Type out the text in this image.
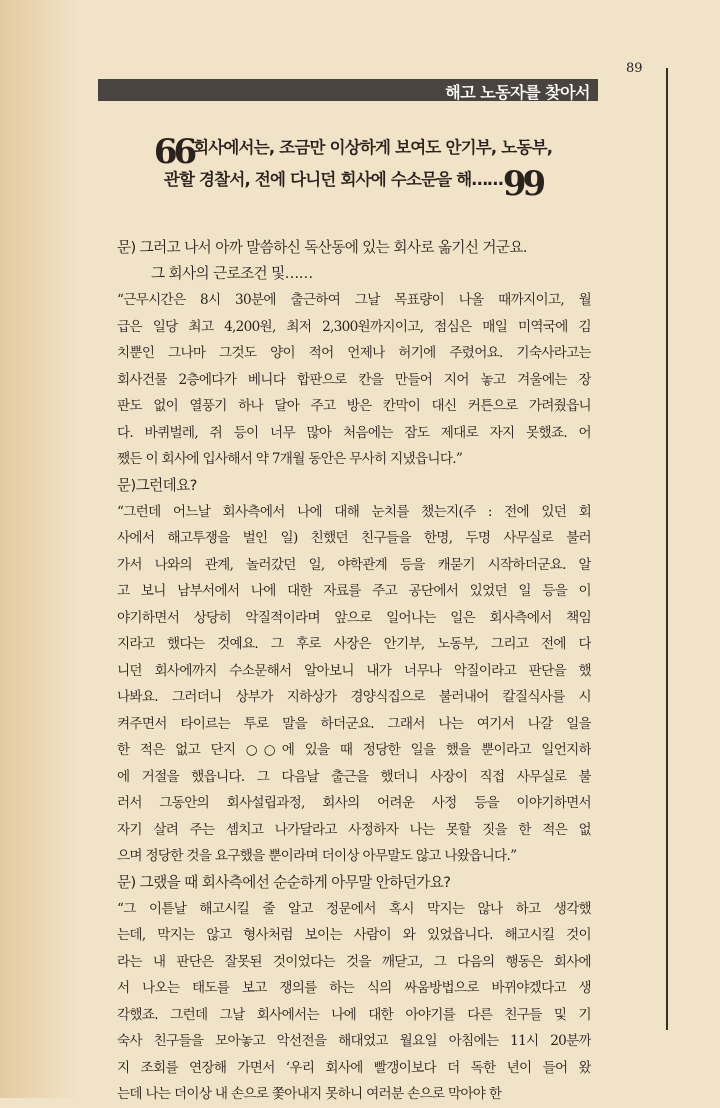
89
해고 노동자를 찾아서
66회사에서는, 조금만 이상하게 보여도 안기부, 노동부,
관할 경찰서, 전에 다니던 회사에 수소문을 해……99

문) 그러고 나서 아까 말씀하신 독산동에 있는 회사로 옮기신 거군요.
그 회사의 근로조건 및……

“근무시간은 8시 30분에 출근하여 그날 목표량이 나올 때까지이고, 월
급은 일당 최고 4,200원, 최저 2,300원까지이고, 점심은 매일 미역국에 김
치뿐인 그나마 그것도 양이 적어 언제나 허기에 주렸어요. 기숙사라고는
회사건물 2층에다가 베니다 합판으로 칸을 만들어 지어 놓고 겨울에는 장
판도 없이 열풍기 하나 달아 주고 방은 칸막이 대신 커튼으로 가려줬읍니
다. 바퀴벌레, 쥐 등이 너무 많아 처음에는 잠도 제대로 자지 못했죠. 어
쨌든 이 회사에 입사해서 약 7개월 동안은 무사히 지냈읍니다.”

문)그런데요?

“그런데 어느날 회사측에서 나에 대해 눈치를 챘는지(주 : 전에 있던 회
사에서 해고투쟁을 벌인 일) 친했던 친구들을 한명, 두명 사무실로 불러
가서 나와의 관계, 놀러갔던 일, 야학관계 등을 캐묻기 시작하더군요. 알
고 보니 남부서에서 나에 대한 자료를 주고 공단에서 있었던 일 등을 이
야기하면서 상당히 악질적이라며 앞으로 일어나는 일은 회사측에서 책임
지라고 했다는 것예요. 그 후로 사장은 안기부, 노동부, 그리고 전에 다
니던 회사에까지 수소문해서 알아보니 내가 너무나 악질이라고 판단을 했
나봐요. 그러더니 상부가 지하상가 경양식집으로 불러내어 칼질식사를 시
켜주면서 타이르는 투로 말을 하더군요. 그래서 나는 여기서 나갈 일을
한 적은 없고 단지 ○○에 있을 때 정당한 일을 했을 뿐이라고 일언지하
에 거절을 했읍니다. 그 다음날 출근을 했더니 사장이 직접 사무실로 불
러서 그동안의 회사설립과정, 회사의 어려운 사정 등을 이야기하면서
자기 살려 주는 셈치고 나가달라고 사정하자 나는 못할 짓을 한 적은 없
으며 정당한 것을 요구했을 뿐이라며 더이상 아무말도 않고 나왔읍니다.”

문) 그랬을 때 회사측에선 순순하게 아무말 안하던가요?

“그 이튿날 해고시킬 줄 알고 정문에서 혹시 막지는 않나 하고 생각했
는데, 막지는 않고 형사처럼 보이는 사람이 와 있었읍니다. 해고시킬 것이
라는 내 판단은 잘못된 것이었다는 것을 깨닫고, 그 다음의 행동은 회사에
서 나오는 태도를 보고 쟁의를 하는 식의 싸움방법으로 바뀌야겠다고 생
각했죠. 그런데 그날 회사에서는 나에 대한 아야기를 다른 친구들 및 기
숙사 친구들을 모아놓고 악선전을 해대었고 월요일 아침에는 11시 20분까
지 조회를 연장해 가면서 ‘우리 회사에 빨갱이보다 더 독한 년이 들어 왔
는데 나는 더이상 내 손으로 쫓아내지 못하니 여러분 손으로 막아야 한
